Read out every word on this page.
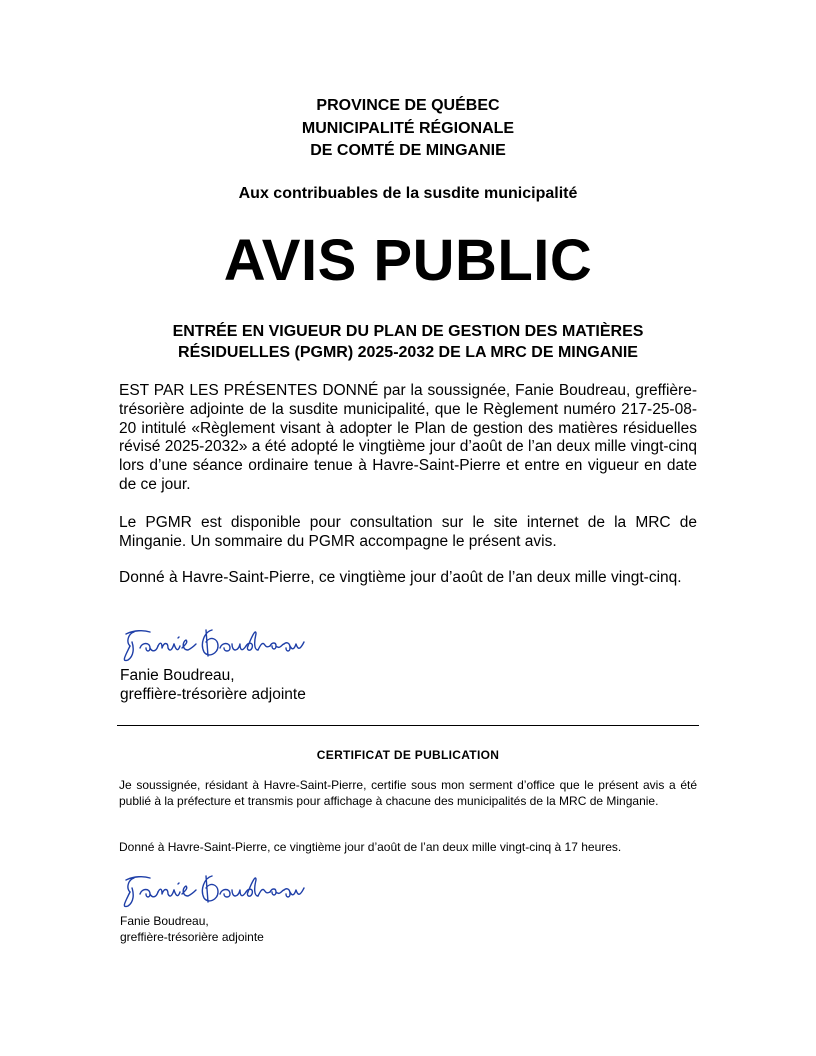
PROVINCE DE QUÉBEC
MUNICIPALITÉ RÉGIONALE
DE COMTÉ DE MINGANIE
Aux contribuables de la susdite municipalité
AVIS PUBLIC
ENTRÉE EN VIGUEUR DU PLAN DE GESTION DES MATIÈRES
RÉSIDUELLES (PGMR) 2025-2032 DE LA MRC DE MINGANIE
EST PAR LES PRÉSENTES DONNÉ par la soussignée, Fanie Boudreau, greffière-trésorière adjointe de la susdite municipalité, que le Règlement numéro 217-25-08-20 intitulé «Règlement visant à adopter le Plan de gestion des matières résiduelles révisé 2025-2032» a été adopté le vingtième jour d’août de l’an deux mille vingt-cinq lors d’une séance ordinaire tenue à Havre-Saint-Pierre et entre en vigueur en date de ce jour.
Le PGMR est disponible pour consultation sur le site internet de la MRC de Minganie. Un sommaire du PGMR accompagne le présent avis.
Donné à Havre-Saint-Pierre, ce vingtième jour d’août de l’an deux mille vingt-cinq.
Fanie Boudreau,
greffière-trésorière adjointe
CERTIFICAT DE PUBLICATION
Je soussignée, résidant à Havre-Saint-Pierre, certifie sous mon serment d’office que le présent avis a été publié à la préfecture et transmis pour affichage à chacune des municipalités de la MRC de Minganie.
Donné à Havre-Saint-Pierre, ce vingtième jour d’août de l’an deux mille vingt-cinq à 17 heures.
Fanie Boudreau,
greffière-trésorière adjointe
